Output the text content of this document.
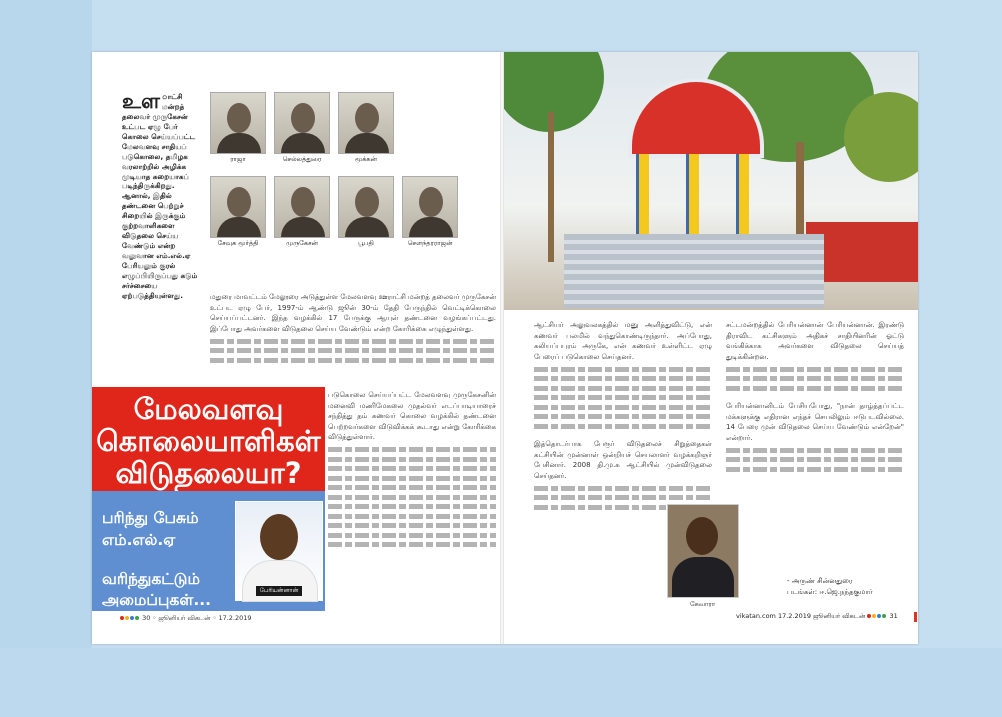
உள ாட்சி மன்றத் தலைவர் முருகேசன் உட்பட ஏழு பேர் கொலை செய்யப்பட்ட மேலவளவு சாதியப் படுகொலை, தமிழக வரலாற்றில் அழிக்க முடியாத கறையாகப் படிந்திருக்கிறது. ஆனால், இதில் தண்டனை பெற்றுச் சிறையில் இருக்கும் குற்றவாளிகளை விடுதலை செய்ய வேண்டும் என்ற வலுவான எம்.எல்.ஏ பேரியலும் குரல் எழுப்பியிருப்பது கடும் சர்ச்சையை ஏற்படுத்தியுள்ளது.
ராஜா	செல்லத்துரை	மூக்கன்
சேவுக மூர்த்தி	முருகேசன்	பூபதி	சௌந்தரராஜன்
மதுரை மாவட்டம் மேலூரை அடுத்துள்ள மேலவளவு ஊராட்சி மன்றத் தலைவர் முருகேசன் உட்பட ஏழு பேர், 1997-ம் ஆண்டு ஜூன் 30-ம் தேதி பேருந்தில் வெட்டிக்கொலை செய்யப்பட்டனர். இந்த வழக்கில் 17 பேருக்கு ஆயுள் தண்டனை வழங்கப்பட்டது. இப்போது அவர்களை விடுதலை செய்ய வேண்டும் என்ற கோரிக்கை எழுந்துள்ளது.
படுகொலை செய்யப்பட்ட மேலவளவு முருகேசனின் மனைவி மணிமேகலை முதல்வர் எடப்பாடியாரைச் சந்தித்து தம் கணவர் கொலை வழக்கில் தண்டனை பெற்றவர்களை விடுவிக்கக் கூடாது என்று கோரிக்கை விடுத்துள்ளார்.
மேலவளவு
கொலையாளிகள்
விடுதலையா?
பரிந்து பேசும்
எம்.எல்.ஏ
வரிந்துகட்டும்
அமைப்புகள்...
பேரியன்னான்
30 ◦ ஜூனியர் விகடன் ◦ 17.2.2019
ஆட்சியர் அலுவலகத்தில் மனு அளித்துவிட்டு, என் கணவர் பலமில் வந்துகொண்டிருந்தார். அப்போது, கலியப்பபுரம் அருகே, என் கணவர் உள்ளிட்ட ஏழு பேரைப் படுகொலை செய்தனர்.
இத்தொடர்பாக பேரூர் விடுதலைச் சிறுத்தைகள் கட்சியின் முன்னாள் ஒன்றியச் செயலாளர் வழக்கறிஞர் பேசினார். 2008 தி.மு.க ஆட்சியில் முன்விடுதலை செய்தனர்.
சட்டமன்றத்தில் பேரியன்னான் பேரியன்னான். இரண்டு திராவிட கட்சிகளும் அதிகச் சாதியினரின் ஓட்டு வங்கிக்காக அவர்களை விடுதலை செய்யத் துடிக்கின்றன.
பேரியன்னானிடம் பேசியபோது, "நான் தாழ்த்தப்பட்ட மக்களுக்கு எதிரான எந்தச் செயலிலும் ஈடுபடவில்லை. 14 பேரை முன் விடுதலை செய்ய வேண்டும் என்றேன்" என்றார்.
கேவாரா
- அருண் சின்னதுரை
படங்கள்: ஈ.ஜெ.நந்தகுமார்
vikatan.com 17.2.2019 ஜூனியர் விகடன்	31
